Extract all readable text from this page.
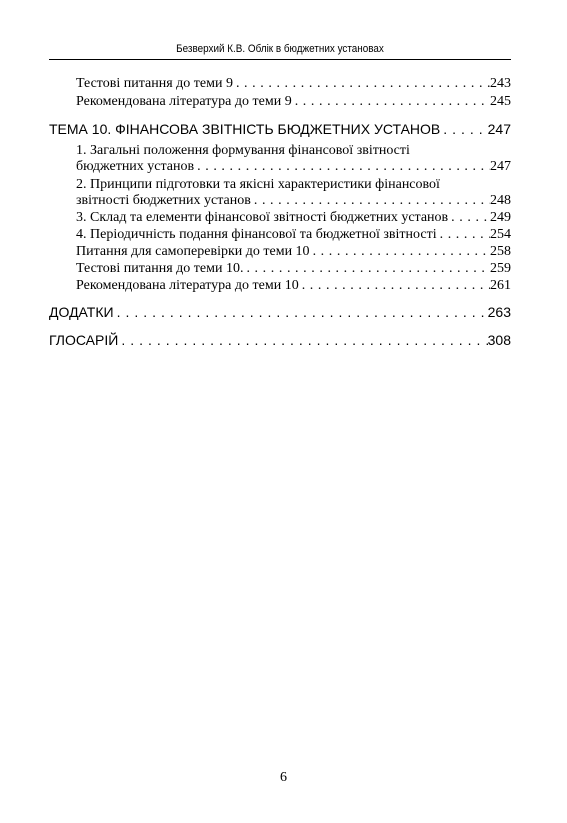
Безверхий К.В. Облік в бюджетних установах
Тестові питання до теми 9 . . .	243
Рекомендована література до теми 9 . . .	245
ТЕМА 10. ФІНАНСОВА ЗВІТНІСТЬ БЮДЖЕТНИХ УСТАНОВ . . .	247
1. Загальні положення формування фінансової звітності
бюджетних установ . . .	247
2. Принципи підготовки та якісні характеристики фінансової
звітності бюджетних установ . . .	248
3. Склад та елементи фінансової звітності бюджетних установ . . .	249
4. Періодичність подання фінансової та бюджетної звітності . . .	254
Питання для самоперевірки до теми 10 . . .	258
Тестові питання до теми 10. . . .	259
Рекомендована література до теми 10 . . .	261
ДОДАТКИ . . .	263
ГЛОСАРІЙ . . .	308
6
